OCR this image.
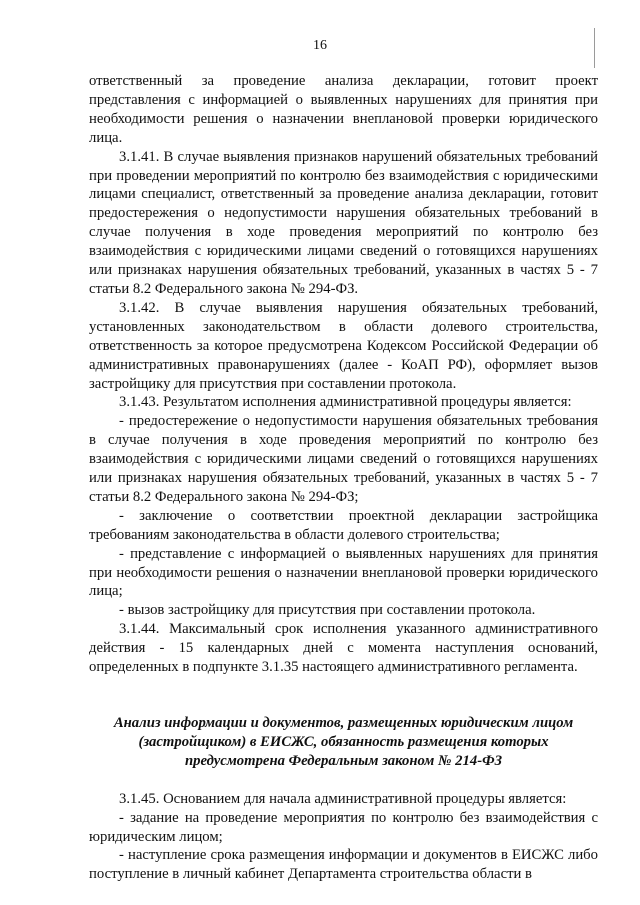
16

ответственный за проведение анализа декларации, готовит проект представления с информацией о выявленных нарушениях для принятия при необходимости решения о назначении внеплановой проверки юридического лица.

3.1.41. В случае выявления признаков нарушений обязательных требований при проведении мероприятий по контролю без взаимодействия с юридическими лицами специалист, ответственный за проведение анализа декларации, готовит предостережения о недопустимости нарушения обязательных требований в случае получения в ходе проведения мероприятий по контролю без взаимодействия с юридическими лицами сведений о готовящихся нарушениях или признаках нарушения обязательных требований, указанных в частях 5 - 7 статьи 8.2 Федерального закона № 294-ФЗ.

3.1.42. В случае выявления нарушения обязательных требований, установленных законодательством в области долевого строительства, ответственность за которое предусмотрена Кодексом Российской Федерации об административных правонарушениях (далее - КоАП РФ), оформляет вызов застройщику для присутствия при составлении протокола.

3.1.43. Результатом исполнения административной процедуры является:

- предостережение о недопустимости нарушения обязательных требования в случае получения в ходе проведения мероприятий по контролю без взаимодействия с юридическими лицами сведений о готовящихся нарушениях или признаках нарушения обязательных требований, указанных в частях 5 - 7 статьи 8.2 Федерального закона № 294-ФЗ;

- заключение о соответствии проектной декларации застройщика требованиям законодательства в области долевого строительства;

- представление с информацией о выявленных нарушениях для принятия при необходимости решения о назначении внеплановой проверки юридического лица;

- вызов застройщику для присутствия при составлении протокола.

3.1.44. Максимальный срок исполнения указанного административного действия - 15 календарных дней с момента наступления оснований, определенных в подпункте 3.1.35 настоящего административного регламента.

Анализ информации и документов, размещенных юридическим лицом (застройщиком) в ЕИСЖС, обязанность размещения которых предусмотрена Федеральным законом № 214-ФЗ

3.1.45. Основанием для начала административной процедуры является:

- задание на проведение мероприятия по контролю без взаимодействия с юридическим лицом;

- наступление срока размещения информации и документов в ЕИСЖС либо поступление в личный кабинет Департамента строительства области в
